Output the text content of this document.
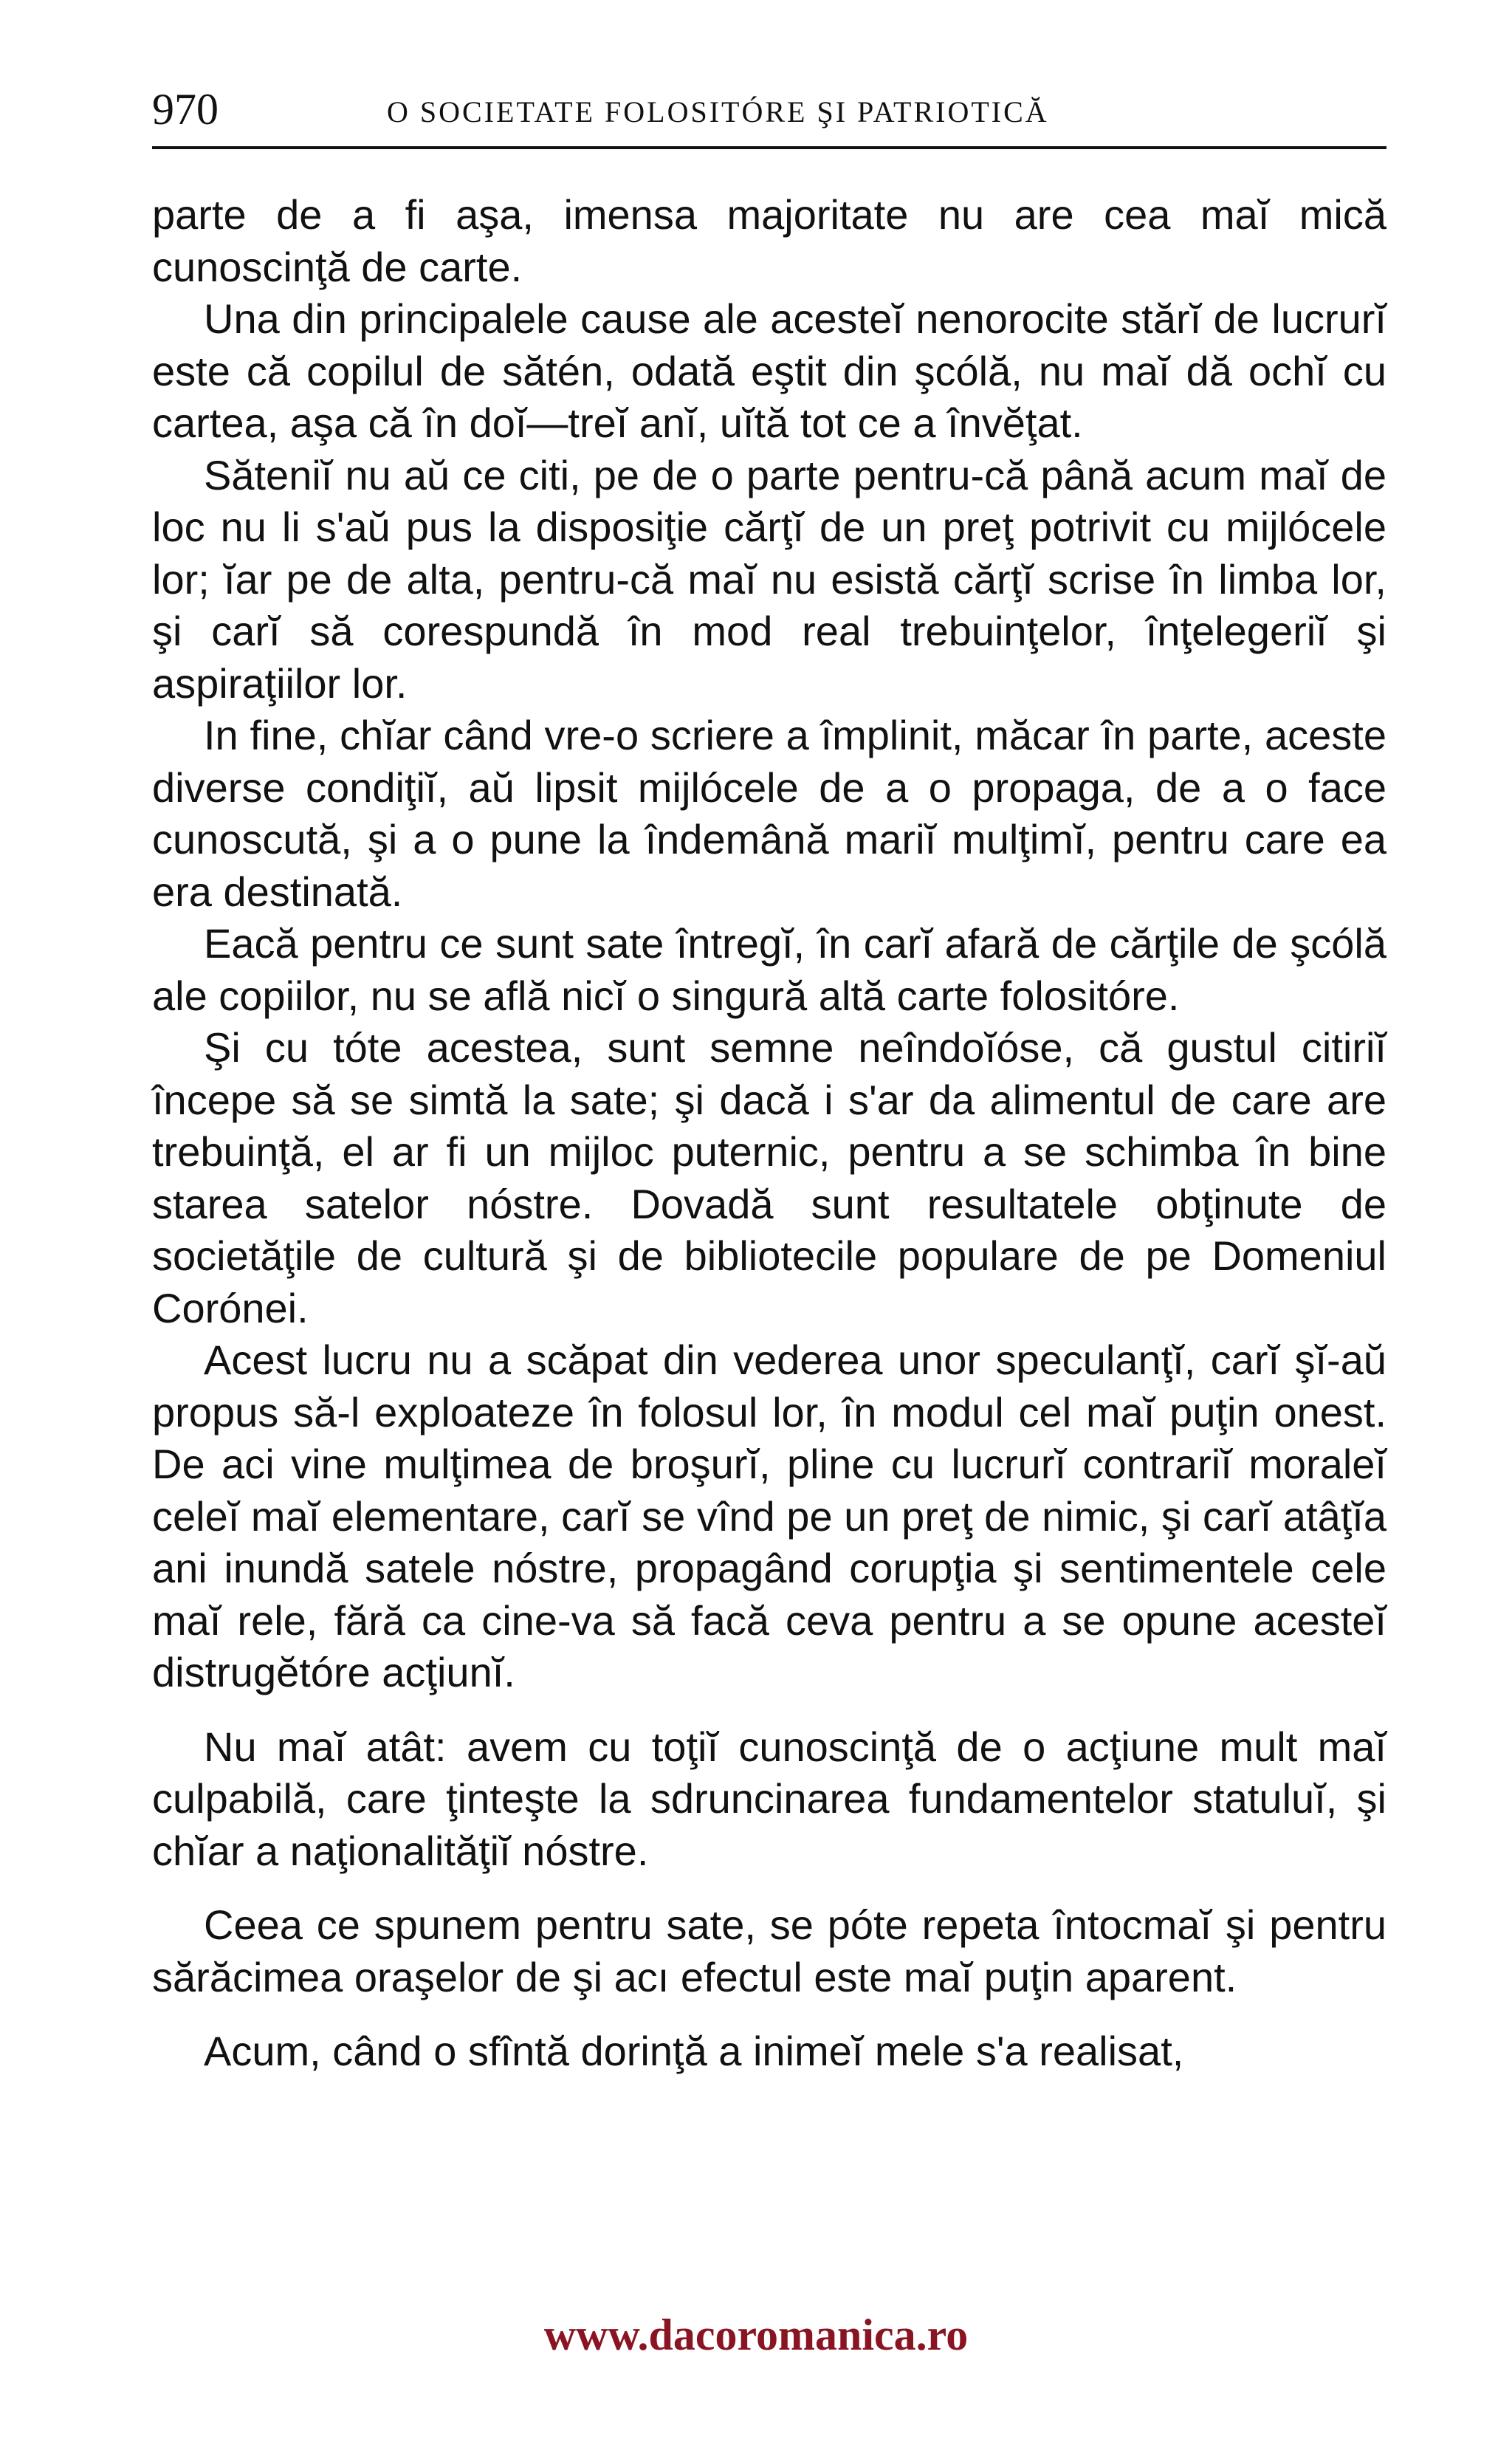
970	O SOCIETATE FOLOSITÓRE ŞI PATRIOTICĂ

parte de a fi aşa, imensa majoritate nu are cea maĭ mică cunoscinţă de carte.

Una din principalele cause ale acesteĭ nenorocite stărĭ de lucrurĭ este că copilul de sătén, odată eştit din şcólă, nu maĭ dă ochĭ cu cartea, aşa că în doĭ—treĭ anĭ, uĭtă tot ce a învĕţat.

Săteniĭ nu aŭ ce citi, pe de o parte pentru-că până acum maĭ de loc nu li s'aŭ pus la disposiţie cărţĭ de un preţ potrivit cu mijlócele lor; ĭar pe de alta, pentru-că maĭ nu esistă cărţĭ scrise în limba lor, şi carĭ să corespundă în mod real trebuinţelor, înţelegeriĭ şi aspiraţiilor lor.

In fine, chĭar când vre-o scriere a împlinit, măcar în parte, aceste diverse condiţiĭ, aŭ lipsit mijlócele de a o propaga, de a o face cunoscută, şi a o pune la îndemână mariĭ mulţimĭ, pentru care ea era destinată.

Eacă pentru ce sunt sate întregĭ, în carĭ afară de cărţile de şcólă ale copiilor, nu se află nicĭ o singură altă carte folositóre.

Şi cu tóte acestea, sunt semne neîndoĭóse, că gustul citiriĭ începe să se simtă la sate; şi dacă i s'ar da alimentul de care are trebuinţă, el ar fi un mijloc puternic, pentru a se schimba în bine starea satelor nóstre. Dovadă sunt resultatele obţinute de societăţile de cultură şi de bibliotecile populare de pe Domeniul Corónei.

Acest lucru nu a scăpat din vederea unor speculanţĭ, carĭ şĭ-aŭ propus să-l exploateze în folosul lor, în modul cel maĭ puţin onest. De aci vine mulţimea de broşurĭ, pline cu lucrurĭ contrariĭ moraleĭ celeĭ maĭ elementare, carĭ se vînd pe un preţ de nimic, şi carĭ atâţĭa ani inundă satele nóstre, propagând corupţia şi sentimentele cele maĭ rele, fără ca cine-va să facă ceva pentru a se opune acesteĭ distrugĕtóre acţiunĭ.

Nu maĭ atât: avem cu toţiĭ cunoscinţă de o acţiune mult maĭ culpabilă, care ţinteşte la sdruncinarea fundamentelor statuluĭ, şi chĭar a naţionalităţiĭ nóstre.

Ceea ce spunem pentru sate, se póte repeta întocmaĭ şi pentru sărăcimea oraşelor de şi acı efectul este maĭ puţin aparent.

Acum, când o sfîntă dorinţă a inimeĭ mele s'a realisat,

www.dacoromanica.ro
